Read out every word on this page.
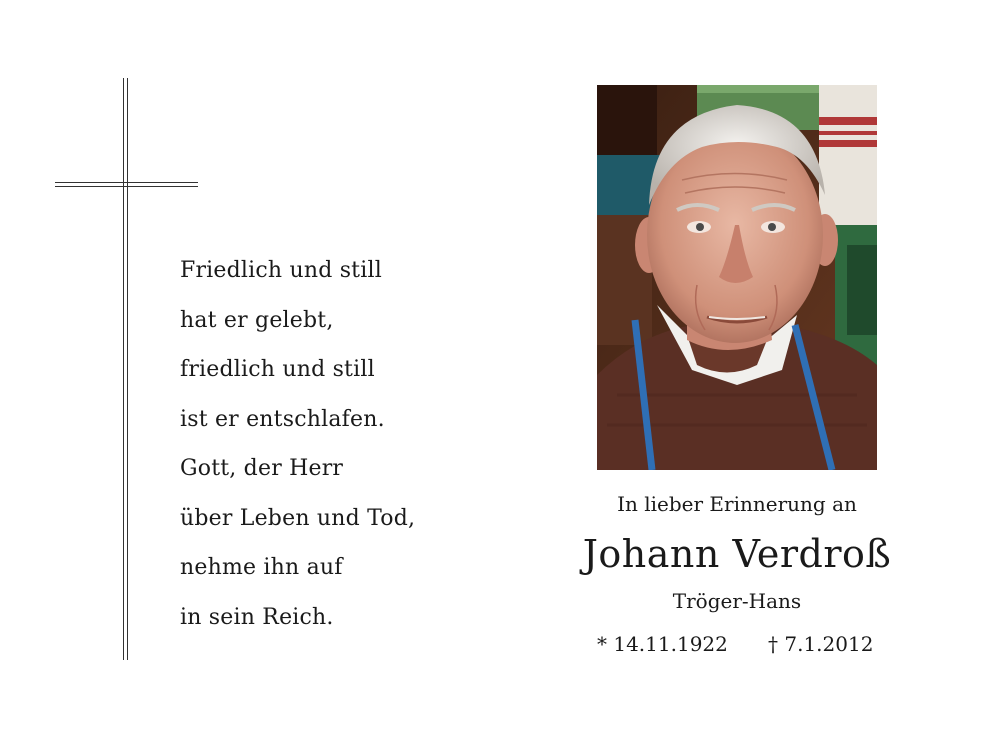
Friedlich und still
hat er gelebt,
friedlich und still
ist er entschlafen.
Gott, der Herr
über Leben und Tod,
nehme ihn auf
in sein Reich.
In lieber Erinnerung an
Johann Verdroß
Tröger-Hans
* 14.11.1922 † 7.1.2012
